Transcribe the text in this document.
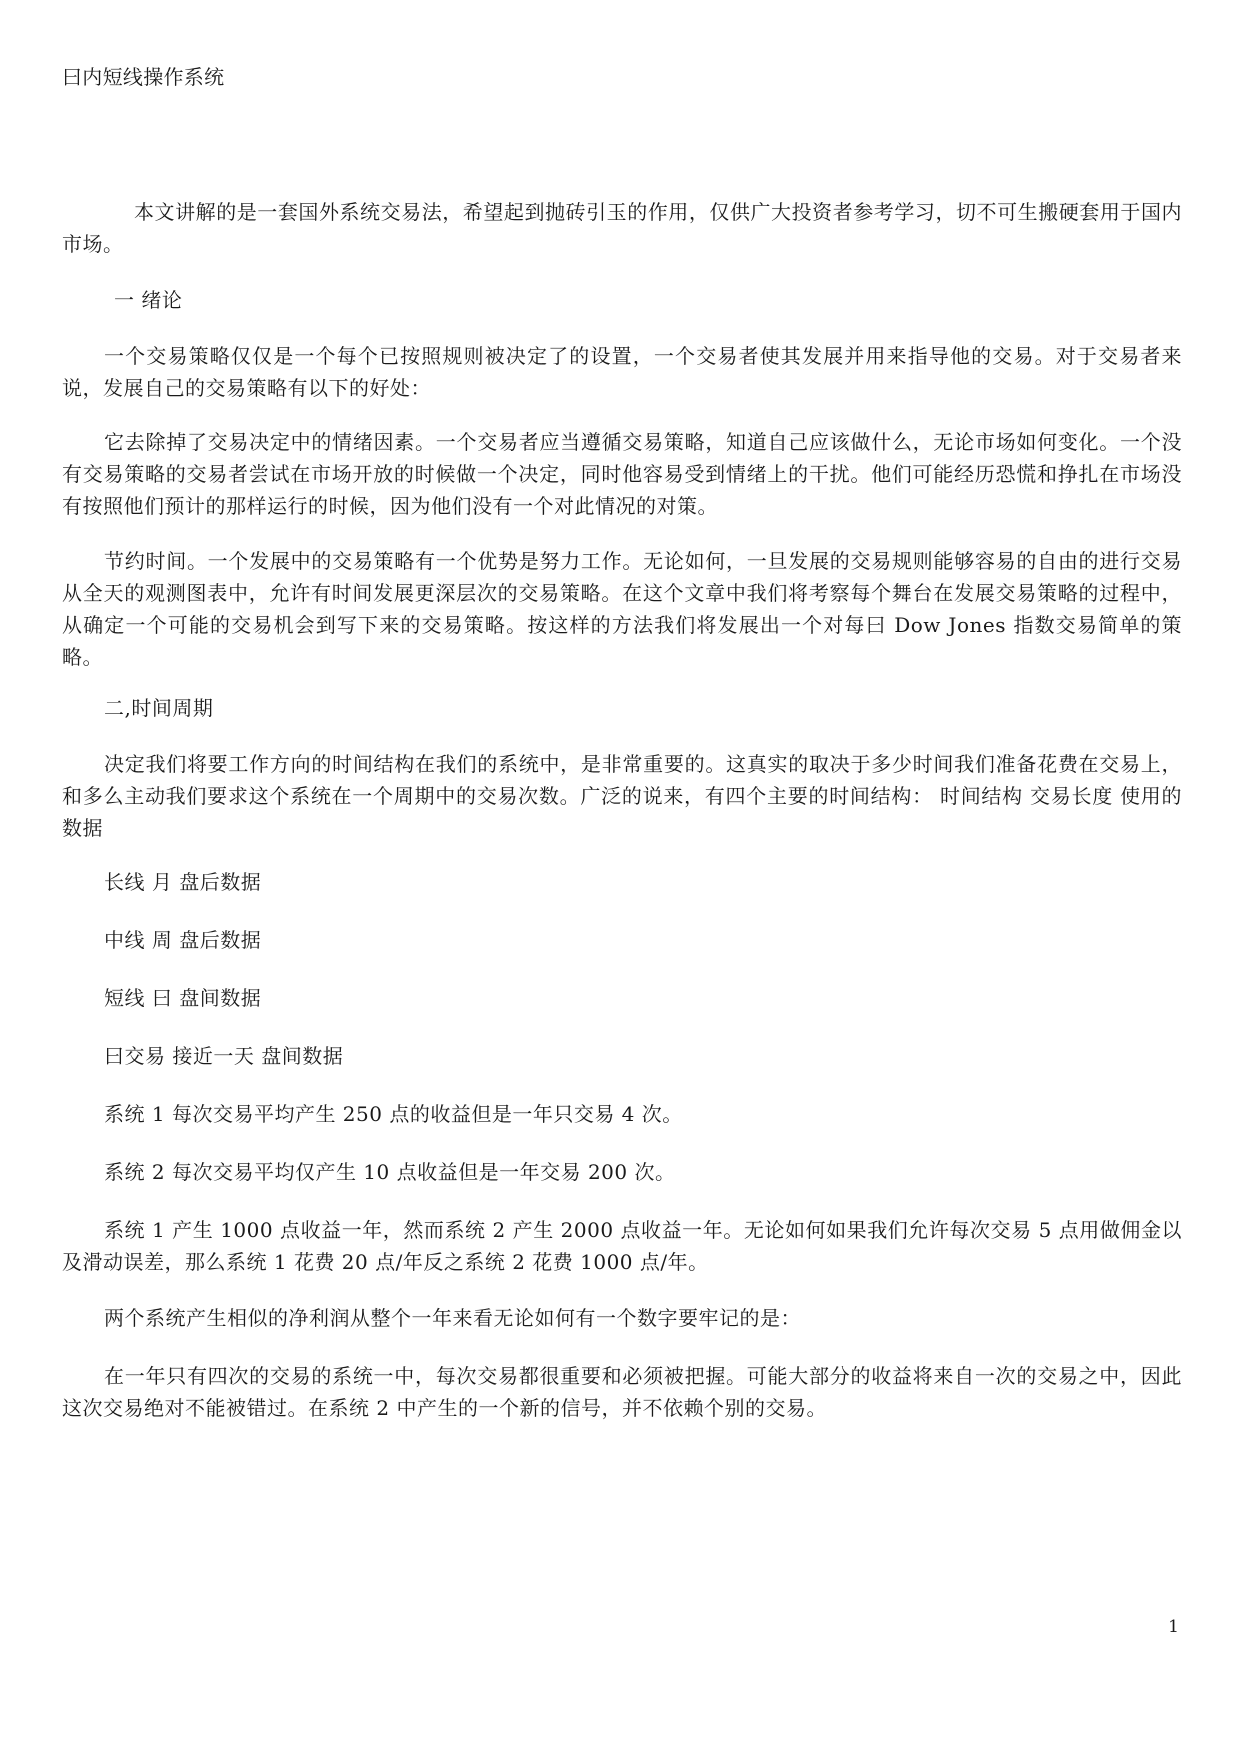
曰内短线操作系统

本文讲解的是一套国外系统交易法，希望起到抛砖引玉的作用，仅供广大投资者参考学习，切不可生搬硬套用于国内市场。

一 绪论

一个交易策略仅仅是一个每个已按照规则被决定了的设置，一个交易者使其发展并用来指导他的交易。对于交易者来说，发展自己的交易策略有以下的好处：

它去除掉了交易决定中的情绪因素。一个交易者应当遵循交易策略，知道自己应该做什么，无论市场如何变化。一个没有交易策略的交易者尝试在市场开放的时候做一个决定，同时他容易受到情绪上的干扰。他们可能经历恐慌和挣扎在市场没有按照他们预计的那样运行的时候，因为他们没有一个对此情况的对策。

节约时间。一个发展中的交易策略有一个优势是努力工作。无论如何，一旦发展的交易规则能够容易的自由的进行交易从全天的观测图表中，允许有时间发展更深层次的交易策略。在这个文章中我们将考察每个舞台在发展交易策略的过程中，从确定一个可能的交易机会到写下来的交易策略。按这样的方法我们将发展出一个对每曰 Dow Jones 指数交易简单的策略。

二,时间周期

决定我们将要工作方向的时间结构在我们的系统中，是非常重要的。这真实的取决于多少时间我们准备花费在交易上，和多么主动我们要求这个系统在一个周期中的交易次数。广泛的说来，有四个主要的时间结构： 时间结构 交易长度 使用的数据

长线 月 盘后数据

中线 周 盘后数据

短线 曰 盘间数据

曰交易 接近一天 盘间数据

系统 1 每次交易平均产生 250 点的收益但是一年只交易 4 次。

系统 2 每次交易平均仅产生 10 点收益但是一年交易 200 次。

系统 1 产生 1000 点收益一年，然而系统 2 产生 2000 点收益一年。无论如何如果我们允许每次交易 5 点用做佣金以及滑动误差，那么系统 1 花费 20 点/年反之系统 2 花费 1000 点/年。

两个系统产生相似的净利润从整个一年来看无论如何有一个数字要牢记的是：

在一年只有四次的交易的系统一中，每次交易都很重要和必须被把握。可能大部分的收益将来自一次的交易之中，因此这次交易绝对不能被错过。在系统 2 中产生的一个新的信号，并不依赖个别的交易。

1
